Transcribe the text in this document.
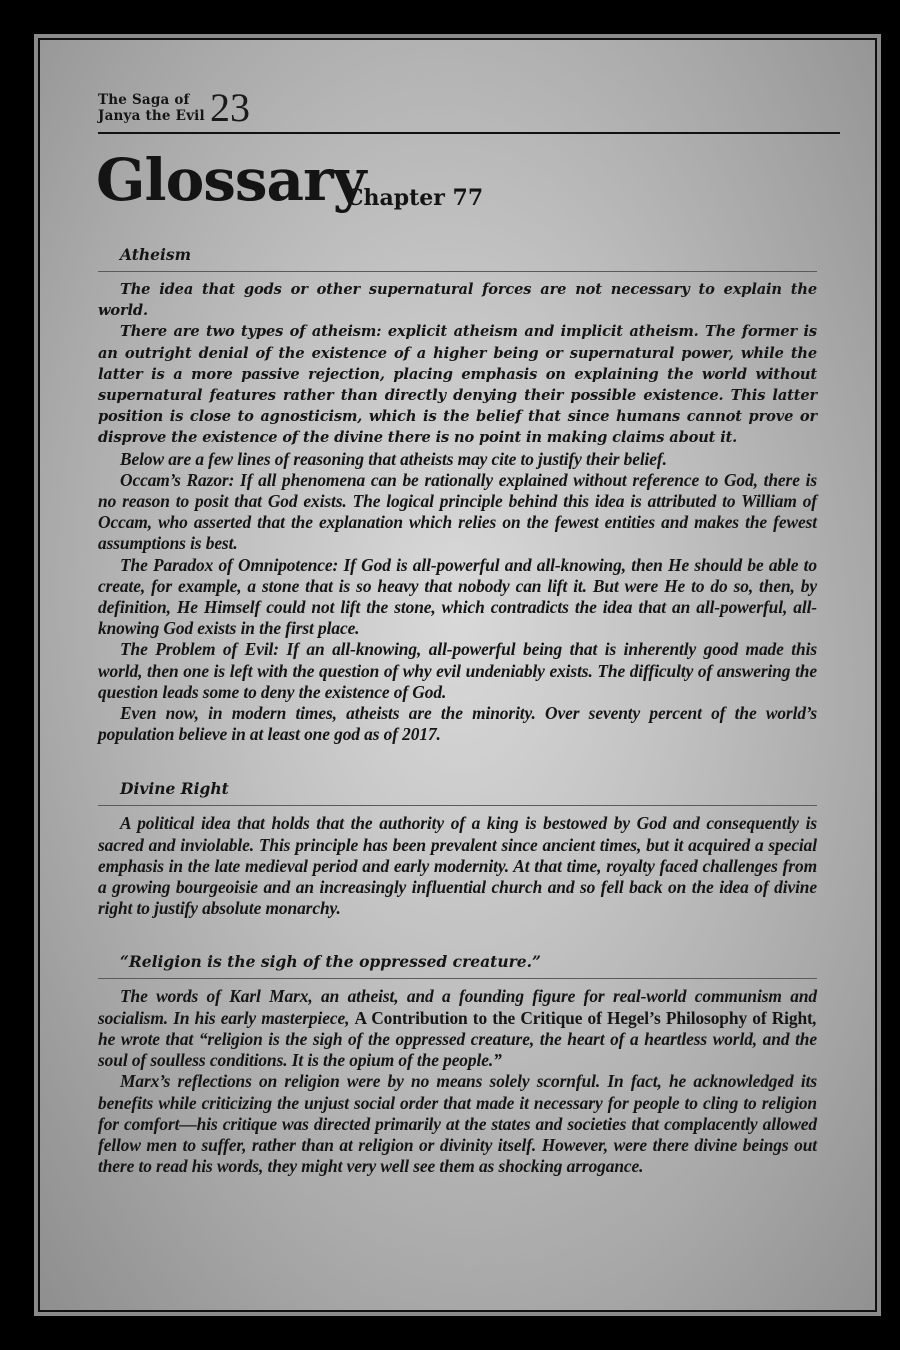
The Saga of
Janya the Evil 23
Glossary
Chapter 77
Atheism

The idea that gods or other supernatural forces are not necessary to explain the world.

There are two types of atheism: explicit atheism and implicit atheism. The former is an outright denial of the existence of a higher being or supernatural power, while the latter is a more passive rejection, placing emphasis on explaining the world without supernatural features rather than directly denying their possible existence. This latter position is close to agnosticism, which is the belief that since humans cannot prove or disprove the existence of the divine there is no point in making claims about it.

Below are a few lines of reasoning that atheists may cite to justify their belief.

Occam’s Razor: If all phenomena can be rationally explained without reference to God, there is no reason to posit that God exists. The logical principle behind this idea is attributed to William of Occam, who asserted that the explanation which relies on the fewest entities and makes the fewest assumptions is best.

The Paradox of Omnipotence: If God is all-powerful and all-knowing, then He should be able to create, for example, a stone that is so heavy that nobody can lift it. But were He to do so, then, by definition, He Himself could not lift the stone, which contradicts the idea that an all-powerful, all-knowing God exists in the first place.

The Problem of Evil: If an all-knowing, all-powerful being that is inherently good made this world, then one is left with the question of why evil undeniably exists. The difficulty of answering the question leads some to deny the existence of God.

Even now, in modern times, atheists are the minority. Over seventy percent of the world’s population believe in at least one god as of 2017.

Divine Right

A political idea that holds that the authority of a king is bestowed by God and consequently is sacred and inviolable. This principle has been prevalent since ancient times, but it acquired a special emphasis in the late medieval period and early modernity. At that time, royalty faced challenges from a growing bourgeoisie and an increasingly influential church and so fell back on the idea of divine right to justify absolute monarchy.

“Religion is the sigh of the oppressed creature.”

The words of Karl Marx, an atheist, and a founding figure for real-world communism and socialism. In his early masterpiece, A Contribution to the Critique of Hegel’s Philosophy of Right, he wrote that “religion is the sigh of the oppressed creature, the heart of a heartless world, and the soul of soulless conditions. It is the opium of the people.”

Marx’s reflections on religion were by no means solely scornful. In fact, he acknowledged its benefits while criticizing the unjust social order that made it necessary for people to cling to religion for comfort—his critique was directed primarily at the states and societies that complacently allowed fellow men to suffer, rather than at religion or divinity itself. However, were there divine beings out there to read his words, they might very well see them as shocking arrogance.
